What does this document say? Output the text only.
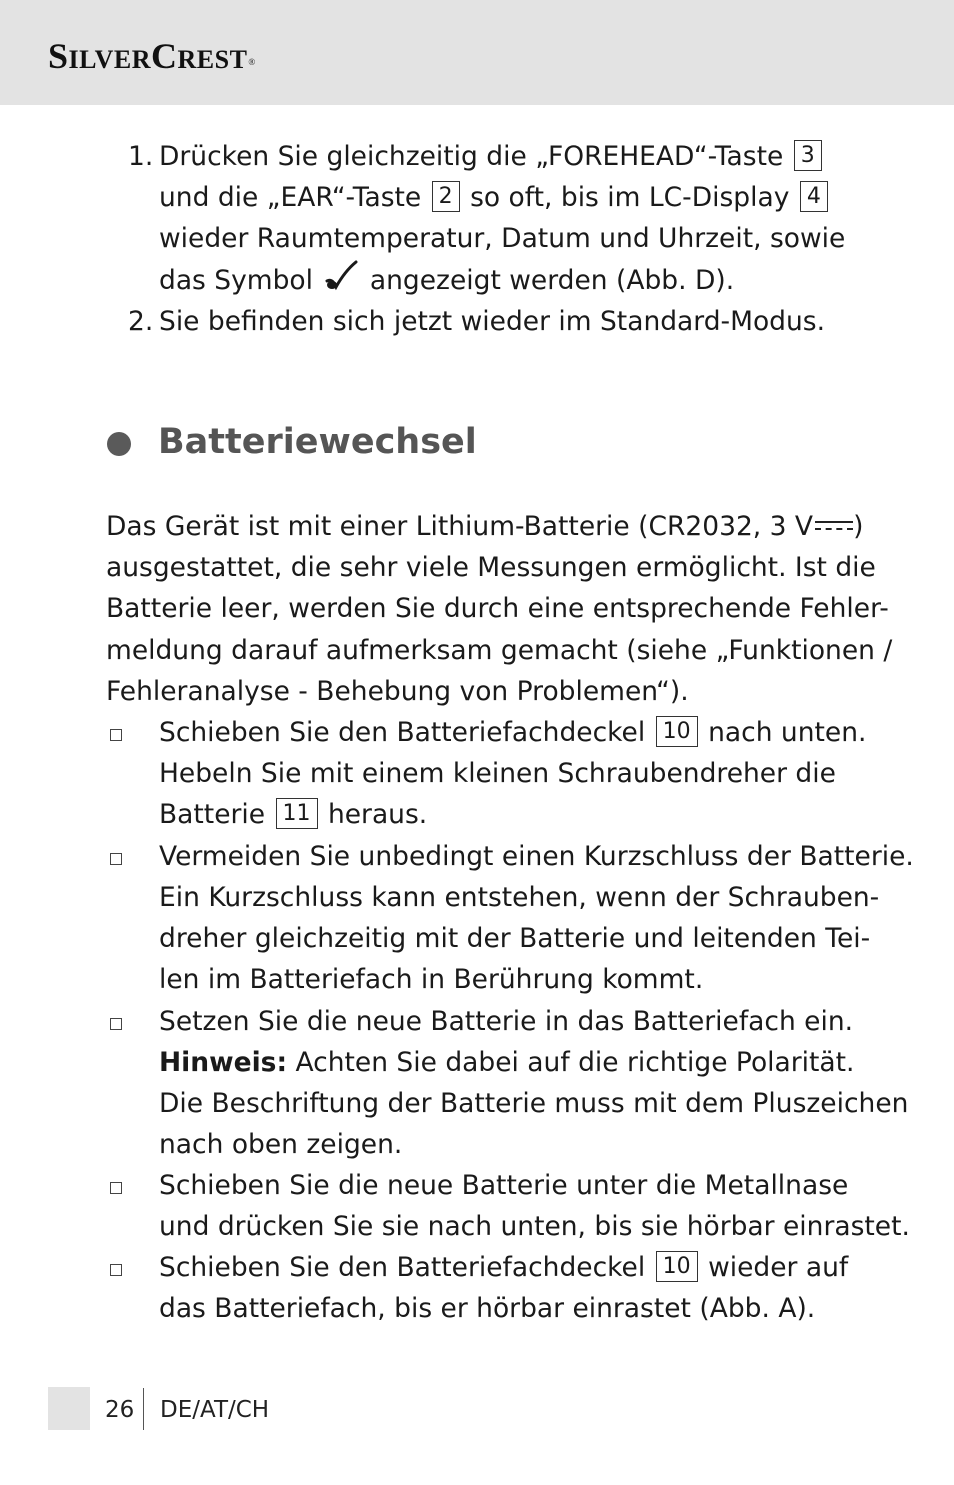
SILVERCREST®
1. Drücken Sie gleichzeitig die „FOREHEAD“-Taste 3
und die „EAR“-Taste 2 so oft, bis im LC-Display 4
wieder Raumtemperatur, Datum und Uhrzeit, sowie
das Symbol angezeigt werden (Abb. D).
2. Sie befinden sich jetzt wieder im Standard-Modus.
Batteriewechsel
Das Gerät ist mit einer Lithium-Batterie (CR2032, 3 V )
ausgestattet, die sehr viele Messungen ermöglicht. Ist die
Batterie leer, werden Sie durch eine entsprechende Fehler-
meldung darauf aufmerksam gemacht (siehe „Funktionen /
Fehleranalyse - Behebung von Problemen“).
Schieben Sie den Batteriefachdeckel 10 nach unten.
Hebeln Sie mit einem kleinen Schraubendreher die
Batterie 11 heraus.
Vermeiden Sie unbedingt einen Kurzschluss der Batterie.
Ein Kurzschluss kann entstehen, wenn der Schrauben-
dreher gleichzeitig mit der Batterie und leitenden Tei-
len im Batteriefach in Berührung kommt.
Setzen Sie die neue Batterie in das Batteriefach ein.
Hinweis: Achten Sie dabei auf die richtige Polarität.
Die Beschriftung der Batterie muss mit dem Pluszeichen
nach oben zeigen.
Schieben Sie die neue Batterie unter die Metallnase
und drücken Sie sie nach unten, bis sie hörbar einrastet.
Schieben Sie den Batteriefachdeckel 10 wieder auf
das Batteriefach, bis er hörbar einrastet (Abb. A).
26 DE/AT/CH
